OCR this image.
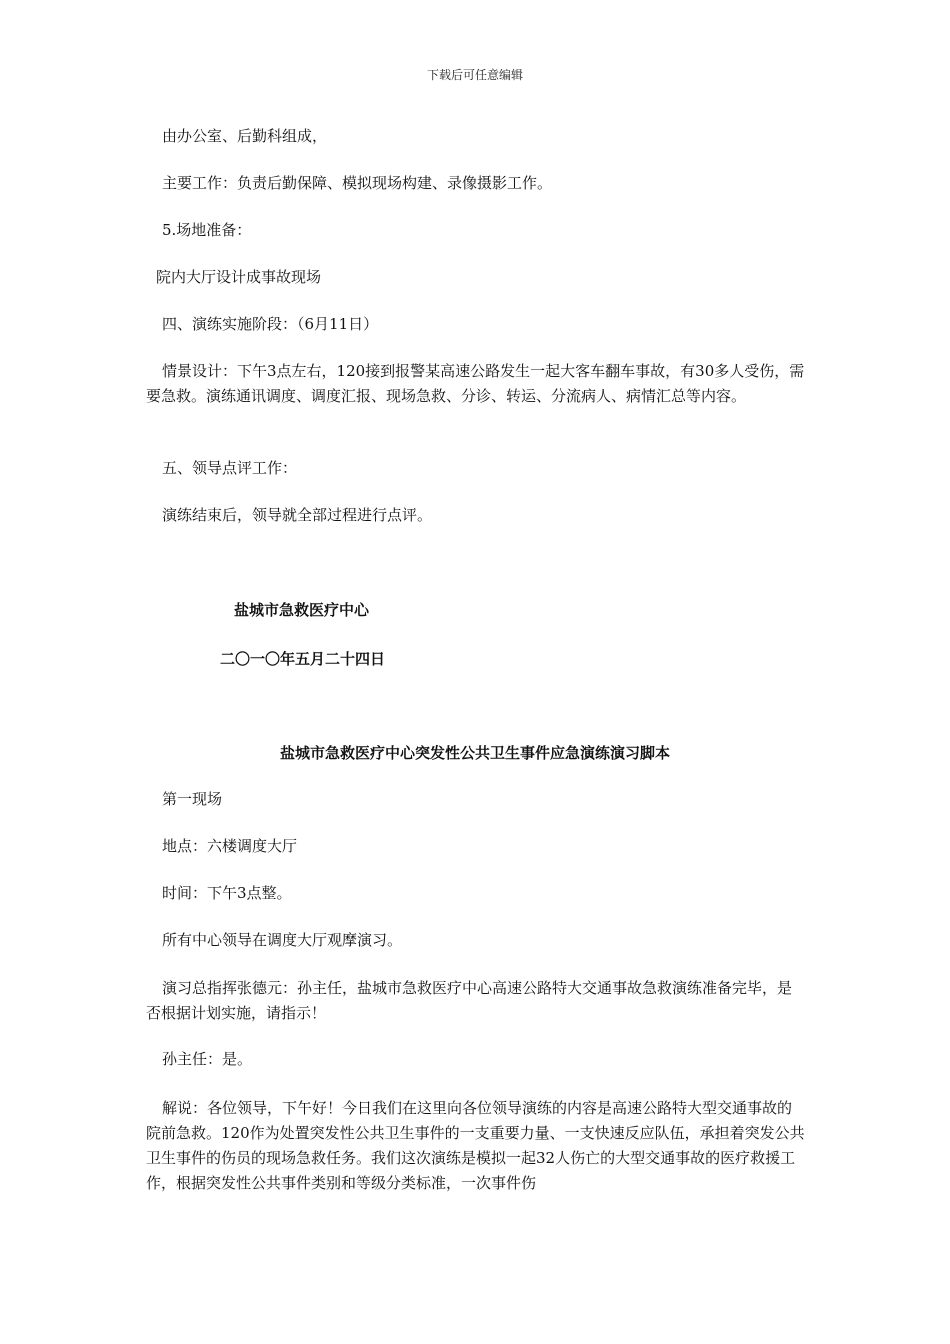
下载后可任意编辑

由办公室、后勤科组成，

主要工作：负责后勤保障、模拟现场构建、录像摄影工作。

5.场地准备：

院内大厅设计成事故现场

四、演练实施阶段：（6月11日）

情景设计：下午3点左右，120接到报警某高速公路发生一起大客车翻车事故，有30多人受伤，需要急救。演练通讯调度、调度汇报、现场急救、分诊、转运、分流病人、病情汇总等内容。

五、领导点评工作：

演练结束后，领导就全部过程进行点评。

盐城市急救医疗中心

二〇一〇年五月二十四日

盐城市急救医疗中心突发性公共卫生事件应急演练演习脚本

第一现场

地点：六楼调度大厅

时间：下午3点整。

所有中心领导在调度大厅观摩演习。

演习总指挥张德元：孙主任，盐城市急救医疗中心高速公路特大交通事故急救演练准备完毕，是否根据计划实施，请指示！

孙主任：是。

解说：各位领导，下午好！今日我们在这里向各位领导演练的内容是高速公路特大型交通事故的院前急救。120作为处置突发性公共卫生事件的一支重要力量、一支快速反应队伍，承担着突发公共卫生事件的伤员的现场急救任务。我们这次演练是模拟一起32人伤亡的大型交通事故的医疗救援工作，根据突发性公共事件类别和等级分类标准，一次事件伤
